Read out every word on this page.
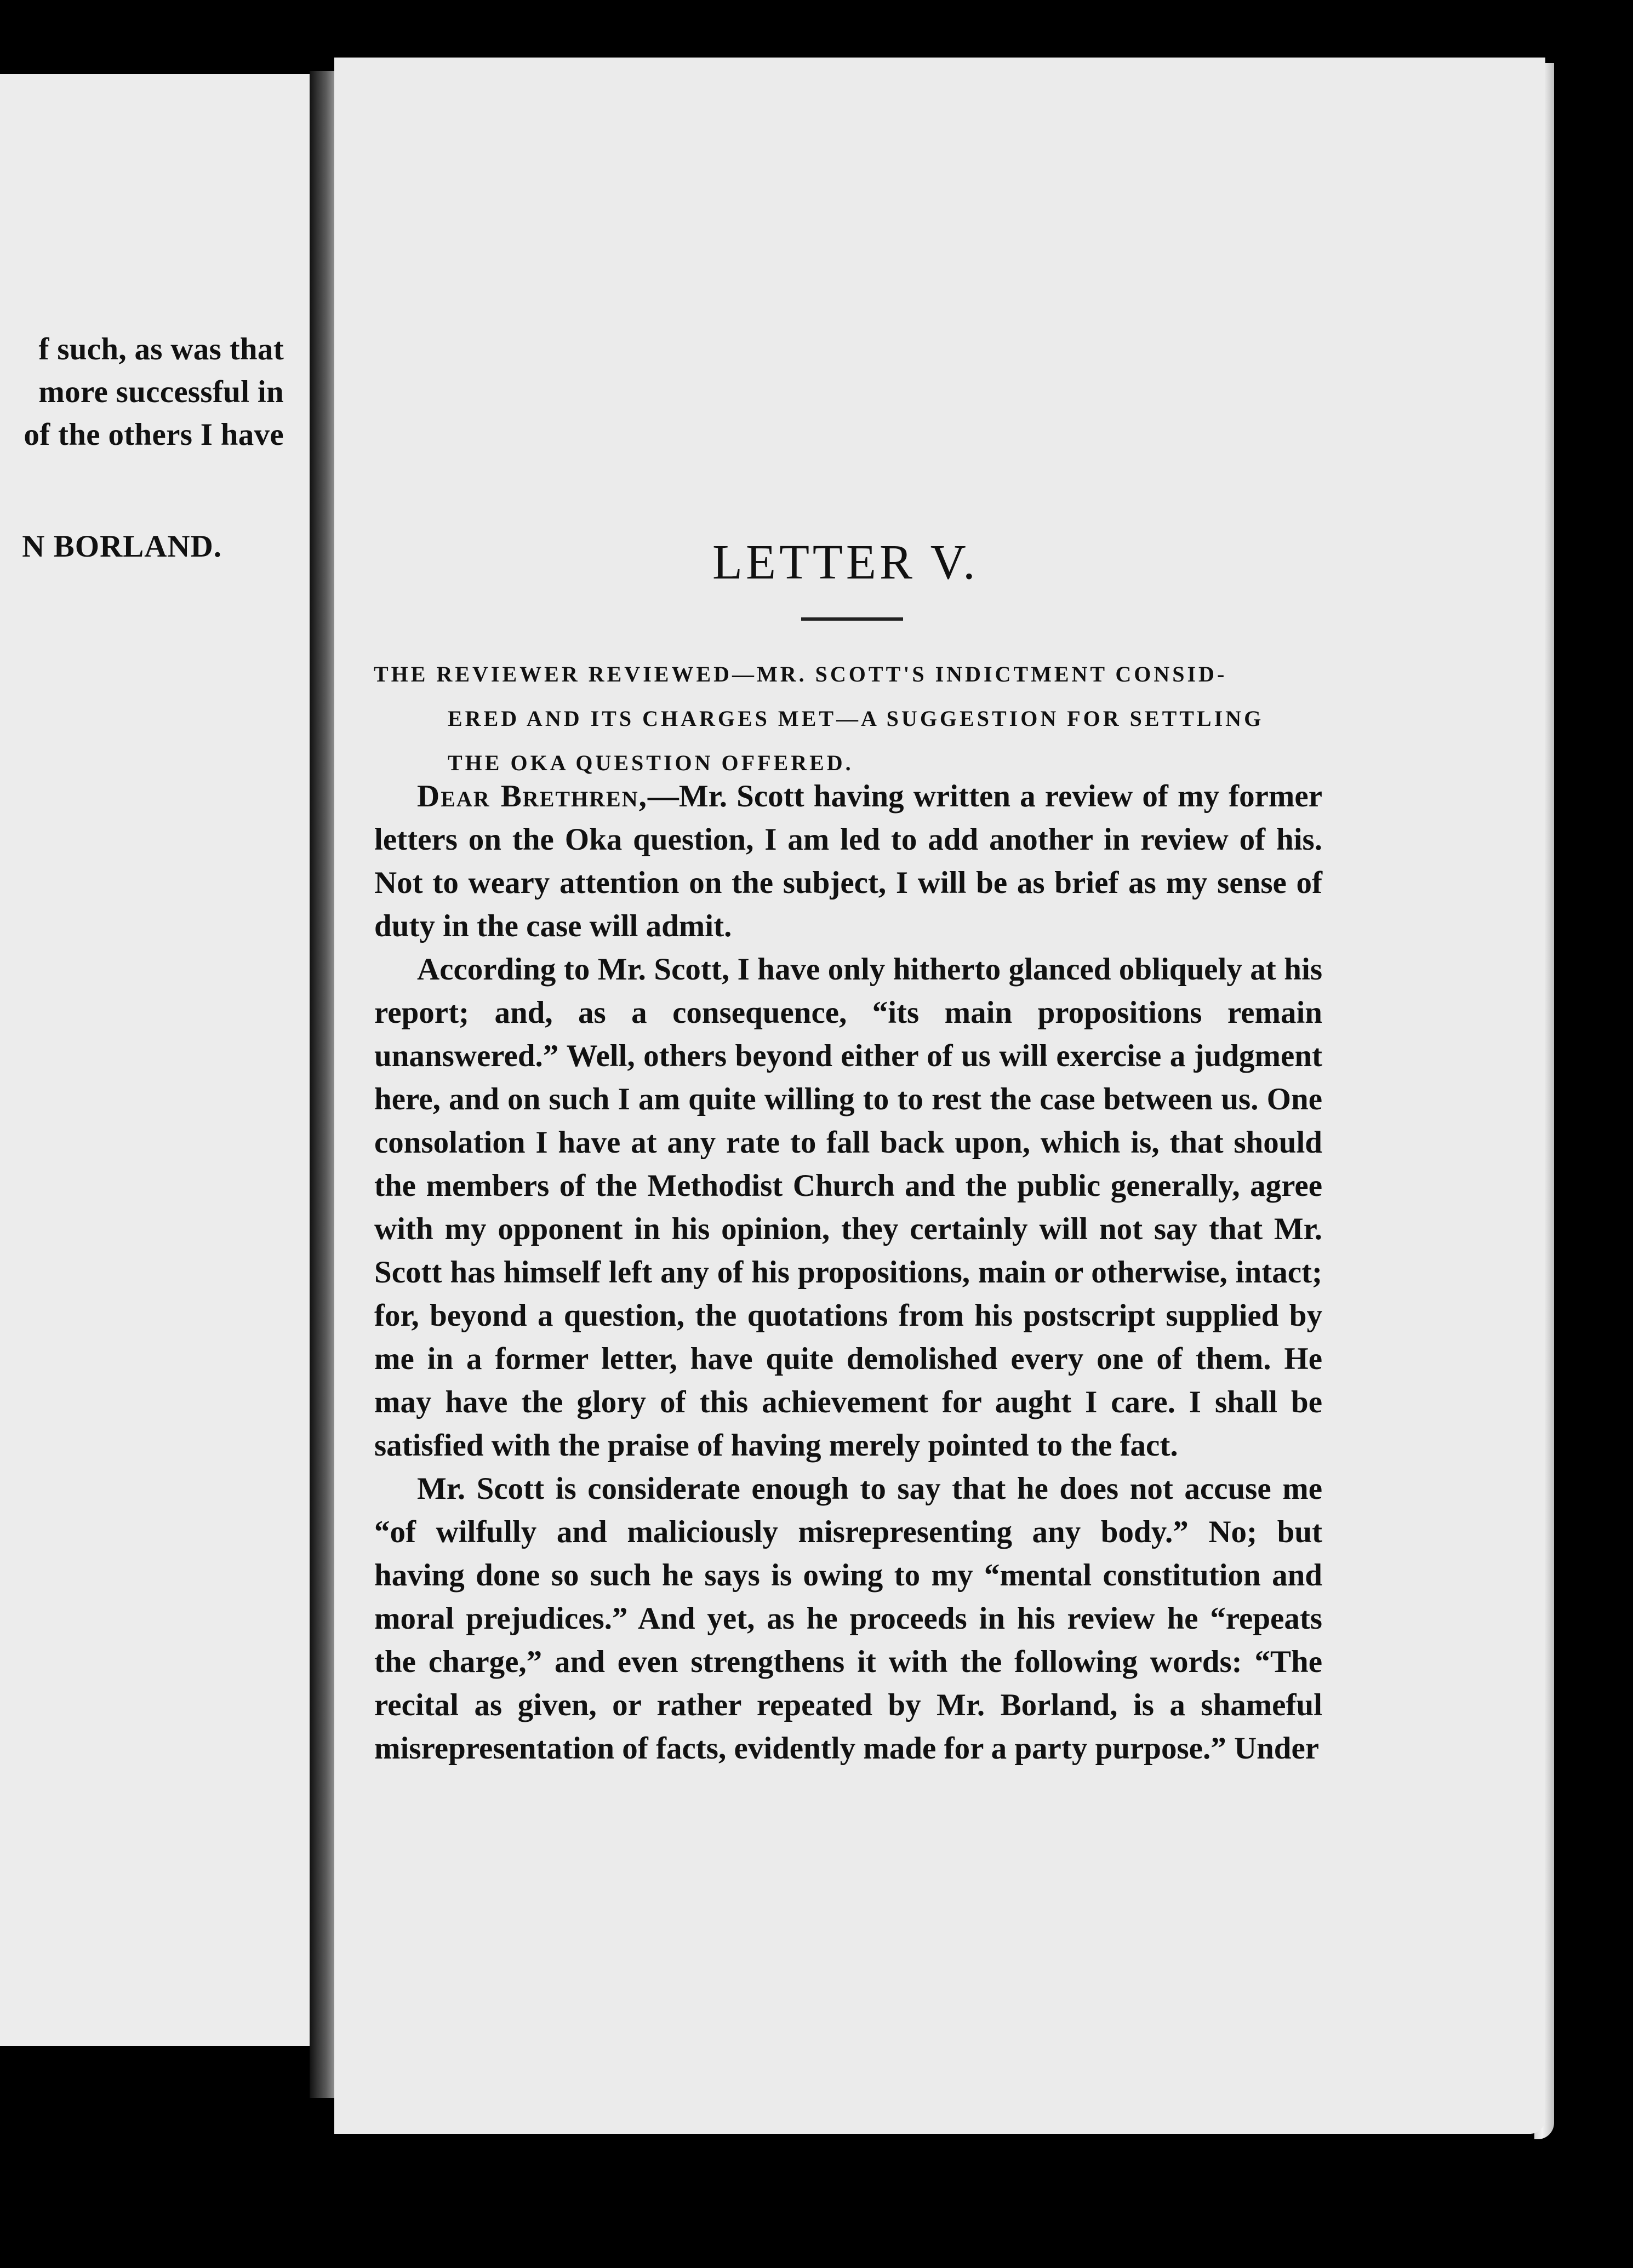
f such, as was that
more successful in
of the others I have
N BORLAND.	LETTER V.
THE REVIEWER REVIEWED—MR. SCOTT'S INDICTMENT CONSID-
ERED AND ITS CHARGES MET—A SUGGESTION FOR SETTLING
THE OKA QUESTION OFFERED.

Dear Brethren,—Mr. Scott having written a review of my former letters on the Oka question, I am led to add another in review of his. Not to weary attention on the subject, I will be as brief as my sense of duty in the case will admit.

According to Mr. Scott, I have only hitherto glanced obliquely at his report; and, as a consequence, “its main propositions remain unanswered.” Well, others beyond either of us will exercise a judgment here, and on such I am quite willing to to rest the case between us. One consolation I have at any rate to fall back upon, which is, that should the members of the Methodist Church and the public generally, agree with my opponent in his opinion, they certainly will not say that Mr. Scott has himself left any of his propositions, main or otherwise, intact; for, beyond a question, the quotations from his postscript supplied by me in a former letter, have quite demolished every one of them. He may have the glory of this achievement for aught I care. I shall be satisfied with the praise of having merely pointed to the fact.

Mr. Scott is considerate enough to say that he does not accuse me “of wilfully and maliciously misrepresenting any body.” No; but having done so such he says is owing to my “mental constitution and moral prejudices.” And yet, as he proceeds in his review he “repeats the charge,” and even strengthens it with the following words: “The recital as given, or rather repeated by Mr. Borland, is a shameful misrepresentation of facts, evidently made for a party purpose.” Under
